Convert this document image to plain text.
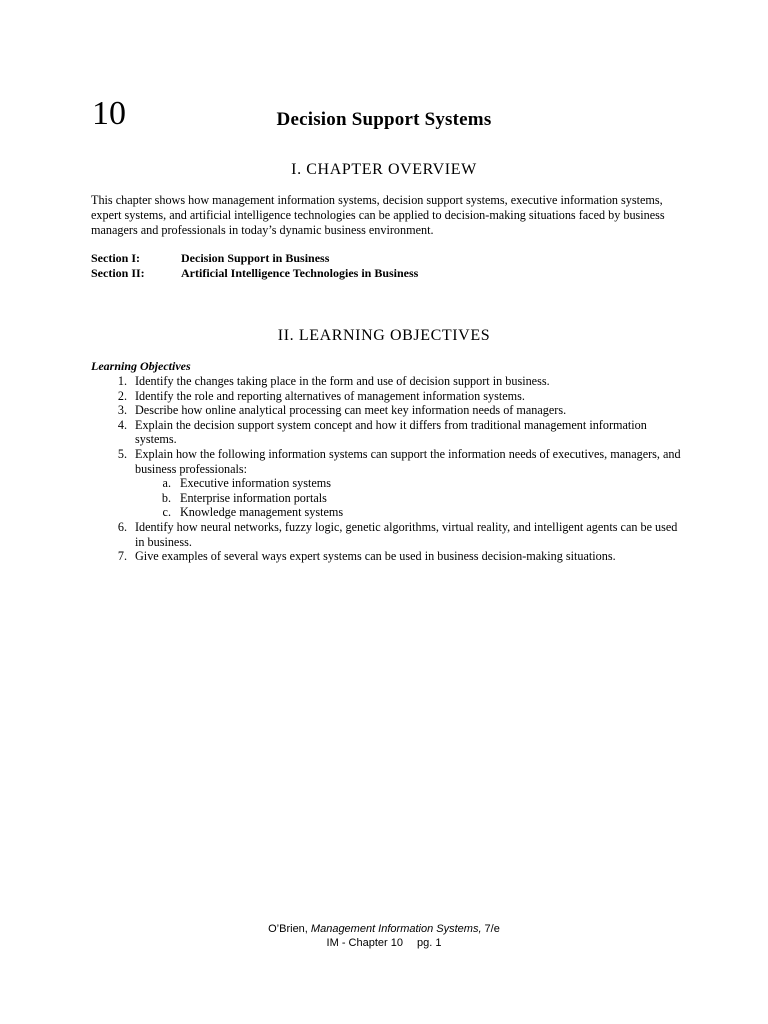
10	Decision Support Systems
I. CHAPTER OVERVIEW
This chapter shows how management information systems, decision support systems, executive information systems, expert systems, and artificial intelligence technologies can be applied to decision-making situations faced by business managers and professionals in today’s dynamic business environment.
Section I:	Decision Support in Business
Section II:	Artificial Intelligence Technologies in Business
II. LEARNING OBJECTIVES
Learning Objectives
1. Identify the changes taking place in the form and use of decision support in business.
2. Identify the role and reporting alternatives of management information systems.
3. Describe how online analytical processing can meet key information needs of managers.
4. Explain the decision support system concept and how it differs from traditional management information systems.
5. Explain how the following information systems can support the information needs of executives, managers, and business professionals:
a. Executive information systems
b. Enterprise information portals
c. Knowledge management systems
6. Identify how neural networks, fuzzy logic, genetic algorithms, virtual reality, and intelligent agents can be used in business.
7. Give examples of several ways expert systems can be used in business decision-making situations.
O’Brien, Management Information Systems, 7/e
IM - Chapter 10 pg. 1
